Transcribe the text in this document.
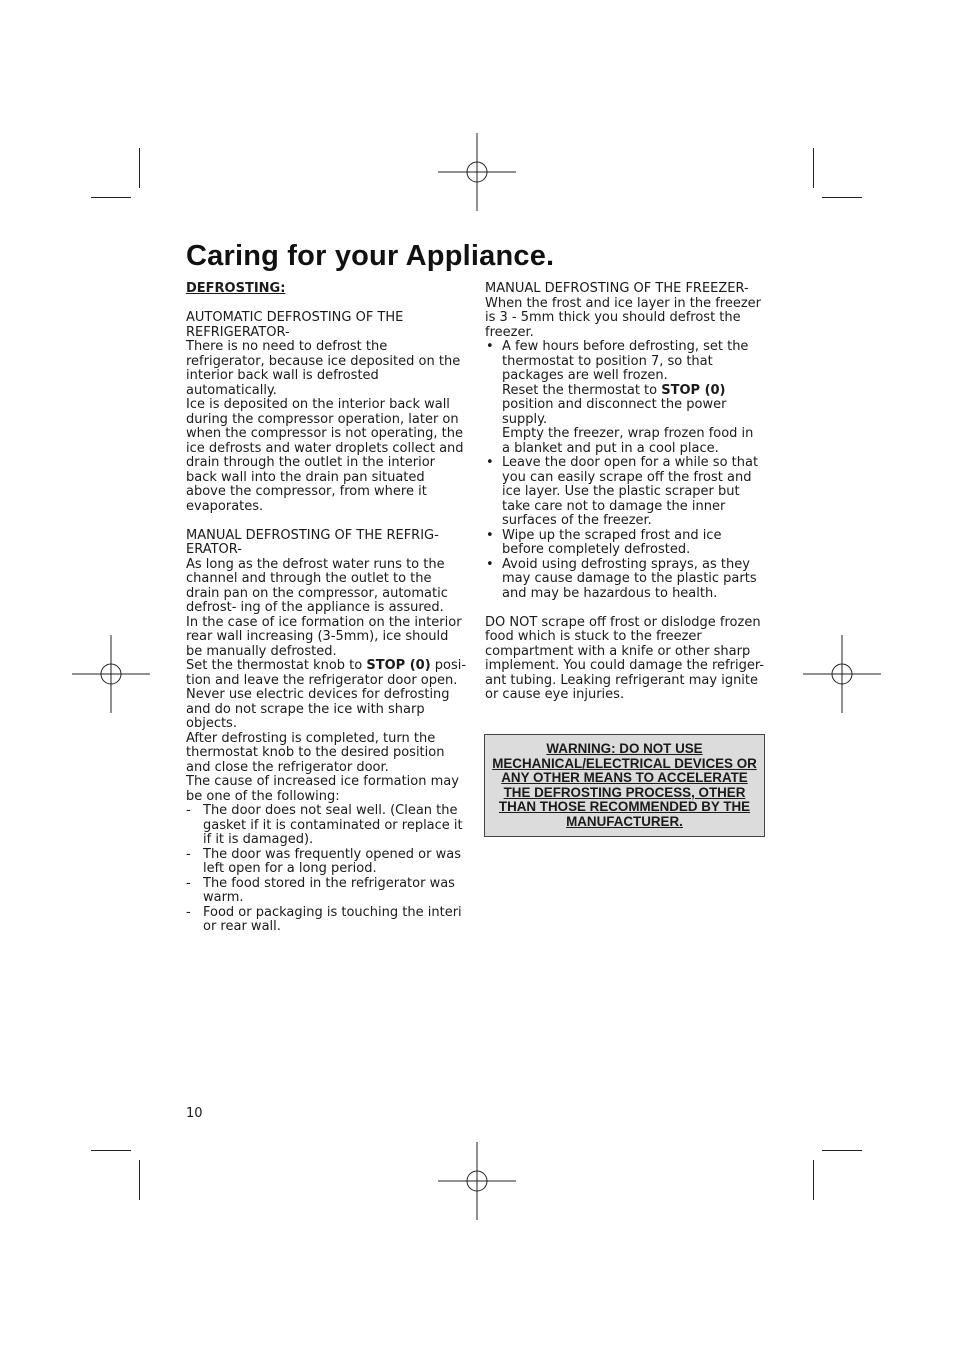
Caring for your Appliance.

DEFROSTING:

AUTOMATIC DEFROSTING OF THE REFRIGERATOR-

There is no need to defrost the refrigerator, because ice deposited on the interior back wall is defrosted automatically.

Ice is deposited on the interior back wall during the compressor operation, later on when the compressor is not operating, the ice defrosts and water droplets collect and drain through the outlet in the interior back wall into the drain pan situated above the compressor, from where it evaporates.

MANUAL DEFROSTING OF THE REFRIG- ERATOR-

As long as the defrost water runs to the channel and through the outlet to the drain pan on the compressor, automatic defrost- ing of the appliance is assured.

In the case of ice formation on the interior rear wall increasing (3-5mm), ice should be manually defrosted.

Set the thermostat knob to STOP (0) posi- tion and leave the refrigerator door open.

Never use electric devices for defrosting and do not scrape the ice with sharp objects.

After defrosting is completed, turn the thermostat knob to the desired position and close the refrigerator door.

The cause of increased ice formation may be one of the following:

- The door does not seal well. (Clean the gasket if it is contaminated or replace it if it is damaged).
- The door was frequently opened or was left open for a long period.
- The food stored in the refrigerator was warm.
- Food or packaging is touching the interi or rear wall.

MANUAL DEFROSTING OF THE FREEZER-

When the frost and ice layer in the freezer is 3 - 5mm thick you should defrost the freezer.

• A few hours before defrosting, set the thermostat to position 7, so that packages are well frozen.
Reset the thermostat to STOP (0) position and disconnect the power supply.
Empty the freezer, wrap frozen food in a blanket and put in a cool place.
• Leave the door open for a while so that you can easily scrape off the frost and ice layer. Use the plastic scraper but take care not to damage the inner surfaces of the freezer.
• Wipe up the scraped frost and ice before completely defrosted.
• Avoid using defrosting sprays, as they may cause damage to the plastic parts and may be hazardous to health.

DO NOT scrape off frost or dislodge frozen food which is stuck to the freezer compartment with a knife or other sharp implement. You could damage the refriger- ant tubing. Leaking refrigerant may ignite or cause eye injuries.

WARNING: DO NOT USE MECHANICAL/ELECTRICAL DEVICES OR ANY OTHER MEANS TO ACCELERATE THE DEFROSTING PROCESS, OTHER THAN THOSE RECOMMENDED BY THE MANUFACTURER.
10
